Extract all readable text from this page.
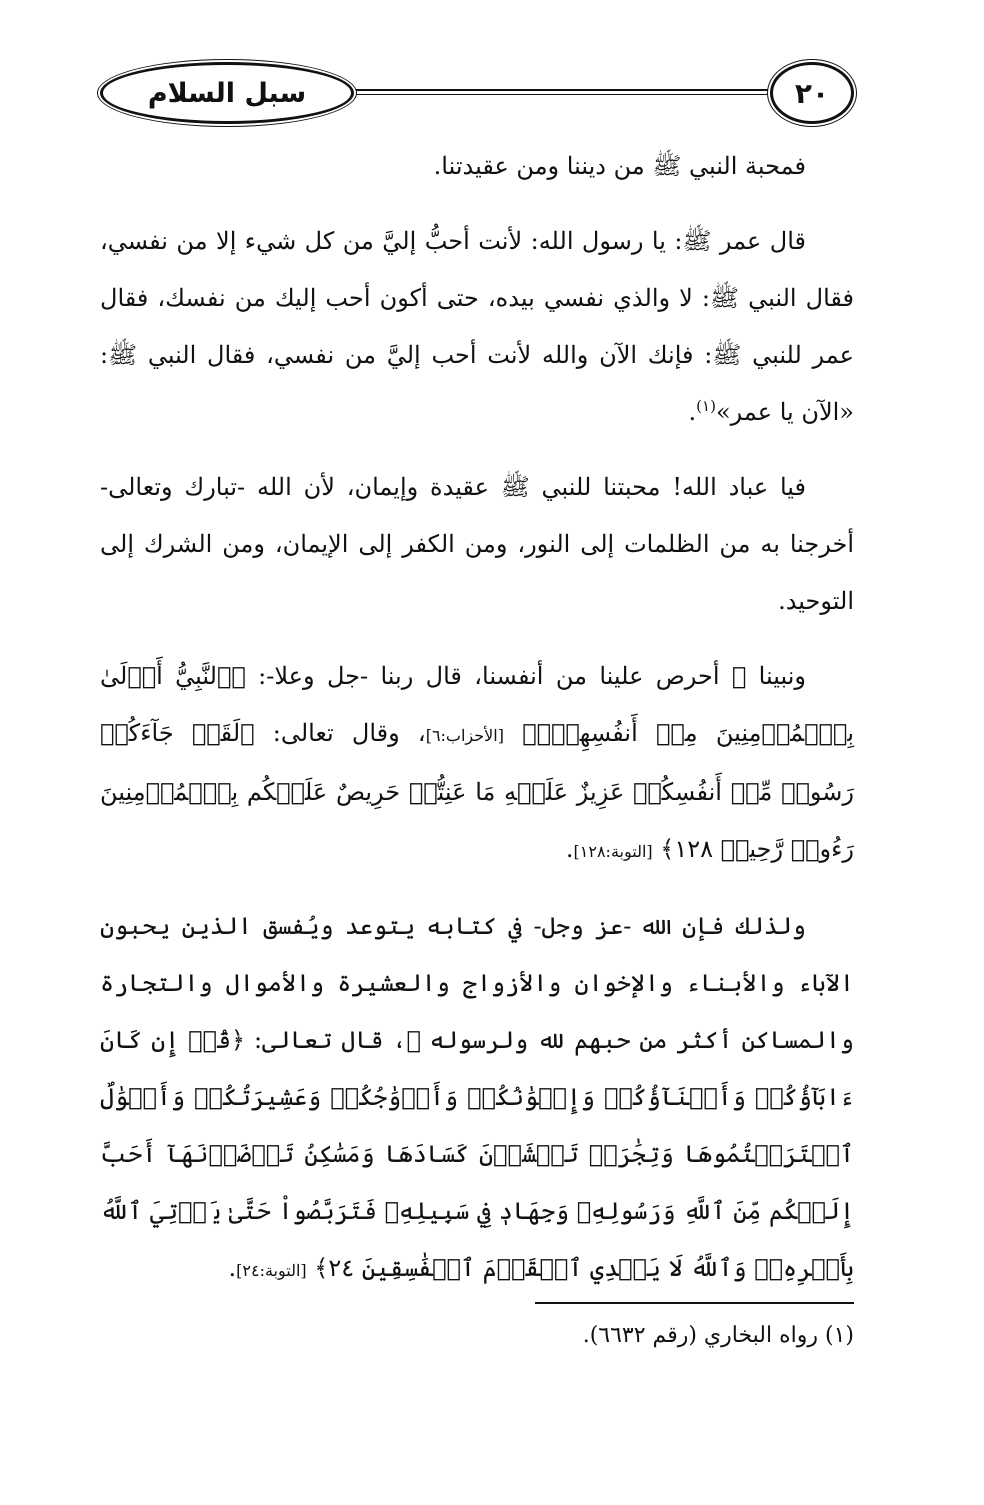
٢٠
سبل السلام

فمحبة النبي ﷺ من ديننا ومن عقيدتنا.

قال عمر ﷺ: يا رسول الله: لأنت أحبُّ إليَّ من كل شيء إلا من نفسي، فقال النبي ﷺ: لا والذي نفسي بيده، حتى أكون أحب إليك من نفسك، فقال عمر للنبي ﷺ: فإنك الآن والله لأنت أحب إليَّ من نفسي، فقال النبي ﷺ: «الآن يا عمر»$^{(١)}$.

فيا عباد الله! محبتنا للنبي ﷺ عقيدة وإيمان، لأن الله -تبارك وتعالى- أخرجنا به من الظلمات إلى النور، ومن الكفر إلى الإيمان، ومن الشرك إلى التوحيد.

ونبينا ﷺ أحرص علينا من أنفسنا، قال ربنا -جل وعلا-: ﴿ٱلنَّبِيُّ أَوۡلَىٰ بِٱلۡمُؤۡمِنِينَ مِنۡ أَنفُسِهِمۡۖ﴾ [الأحزاب:٦]، وقال تعالى: ﴿لَقَدۡ جَآءَكُمۡ رَسُولٞ مِّنۡ أَنفُسِكُمۡ عَزِيزٌ عَلَيۡهِ مَا عَنِتُّمۡ حَرِيصٌ عَلَيۡكُم بِٱلۡمُؤۡمِنِينَ رَءُوفٞ رَّحِيمٞ ١٢٨﴾ [التوبة:١٢٨].

ولذلك فإن الله -عز وجل- في كتابه يتوعد ويُفسق الذين يحبون الآباء والأبناء والإخوان والأزواج والعشيرة والأموال والتجارة والمساكن أكثر من حبهم لله ولرسوله ﷺ، قال تعالى: ﴿قُلۡ إِن كَانَ ءَابَآؤُكُمۡ وَأَبۡنَآؤُكُمۡ وَإِخۡوَٰنُكُمۡ وَأَزۡوَٰجُكُمۡ وَعَشِيرَتُكُمۡ وَأَمۡوَٰلٌ ٱقۡتَرَفۡتُمُوهَا وَتِجَٰرَةٞ تَخۡشَوۡنَ كَسَادَهَا وَمَسَٰكِنُ تَرۡضَوۡنَهَآ أَحَبَّ إِلَيۡكُم مِّنَ ٱللَّهِ وَرَسُولِهِۦ وَجِهَادٖ فِي سَبِيلِهِۦ فَتَرَبَّصُواْ حَتَّىٰ يَأۡتِيَ ٱللَّهُ بِأَمۡرِهِۦۗ وَٱللَّهُ لَا يَهۡدِي ٱلۡقَوۡمَ ٱلۡفَٰسِقِينَ ٢٤﴾ [التوبة:٢٤].

(١) رواه البخاري (رقم ٦٦٣٢).
